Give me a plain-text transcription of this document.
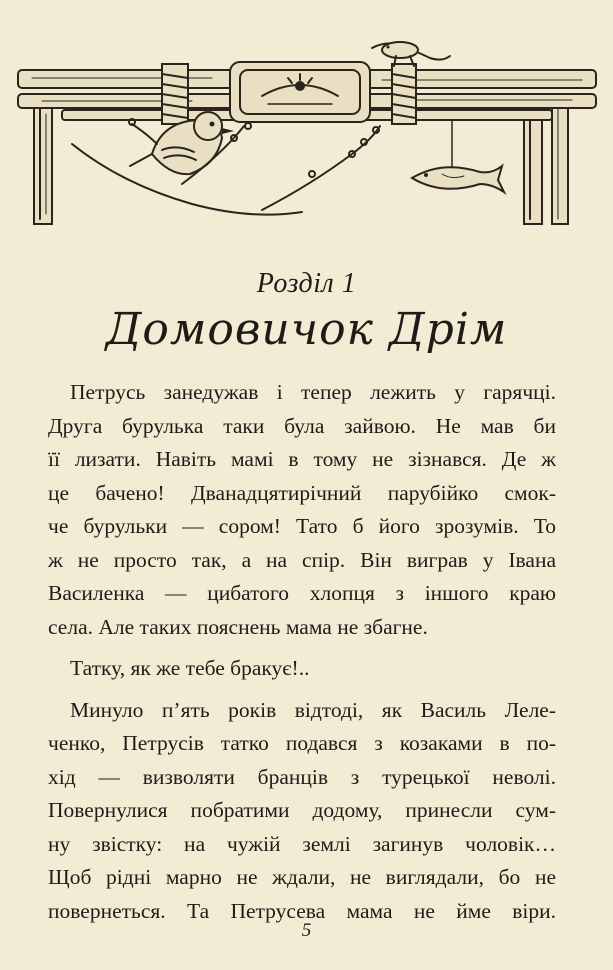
Розділ 1
Домовичок Дрім

Петрусь занедужав і тепер лежить у гарячці.
Друга бурулька таки була зайвою. Не мав би
її лизати. Навіть мамі в тому не зізнався. Де ж
це бачено! Дванадцятирічний парубійко смок-
че бурульки — сором! Тато б його зрозумів. То
ж не просто так, а на спір. Він виграв у Івана
Василенка — цибатого хлопця з іншого краю
села. Але таких пояснень мама не збагне.

Татку, як же тебе бракує!..

Минуло п’ять років відтоді, як Василь Леле-
ченко, Петрусів татко подався з козаками в по-
хід — визволяти бранців з турецької неволі.
Повернулися побратими додому, принесли сум-
ну звістку: на чужій землі загинув чоловік…
Щоб рідні марно не ждали, не виглядали, бо не
повернеться. Та Петрусева мама не йме віри.

5
